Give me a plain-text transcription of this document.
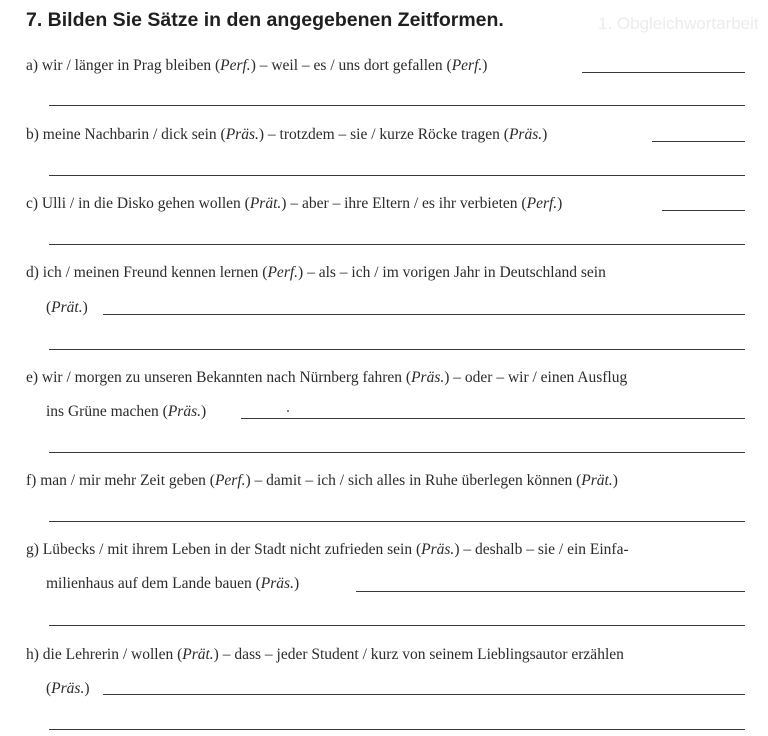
1. Obgleichwortarbeit
7. Bilden Sie Sätze in den angegebenen Zeitformen.
a) wir / länger in Prag bleiben (Perf.) – weil – es / uns dort gefallen (Perf.)
b) meine Nachbarin / dick sein (Präs.) – trotzdem – sie / kurze Röcke tragen (Präs.)
c) Ulli / in die Disko gehen wollen (Prät.) – aber – ihre Eltern / es ihr verbieten (Perf.)
d) ich / meinen Freund kennen lernen (Perf.) – als – ich / im vorigen Jahr in Deutschland sein
(Prät.)
e) wir / morgen zu unseren Bekannten nach Nürnberg fahren (Präs.) – oder – wir / einen Ausflug
ins Grüne machen (Präs.)
f) man / mir mehr Zeit geben (Perf.) – damit – ich / sich alles in Ruhe überlegen können (Prät.)
g) Lübecks / mit ihrem Leben in der Stadt nicht zufrieden sein (Präs.) – deshalb – sie / ein Einfa-
milienhaus auf dem Lande bauen (Präs.)
h) die Lehrerin / wollen (Prät.) – dass – jeder Student / kurz von seinem Lieblingsautor erzählen
(Präs.)
